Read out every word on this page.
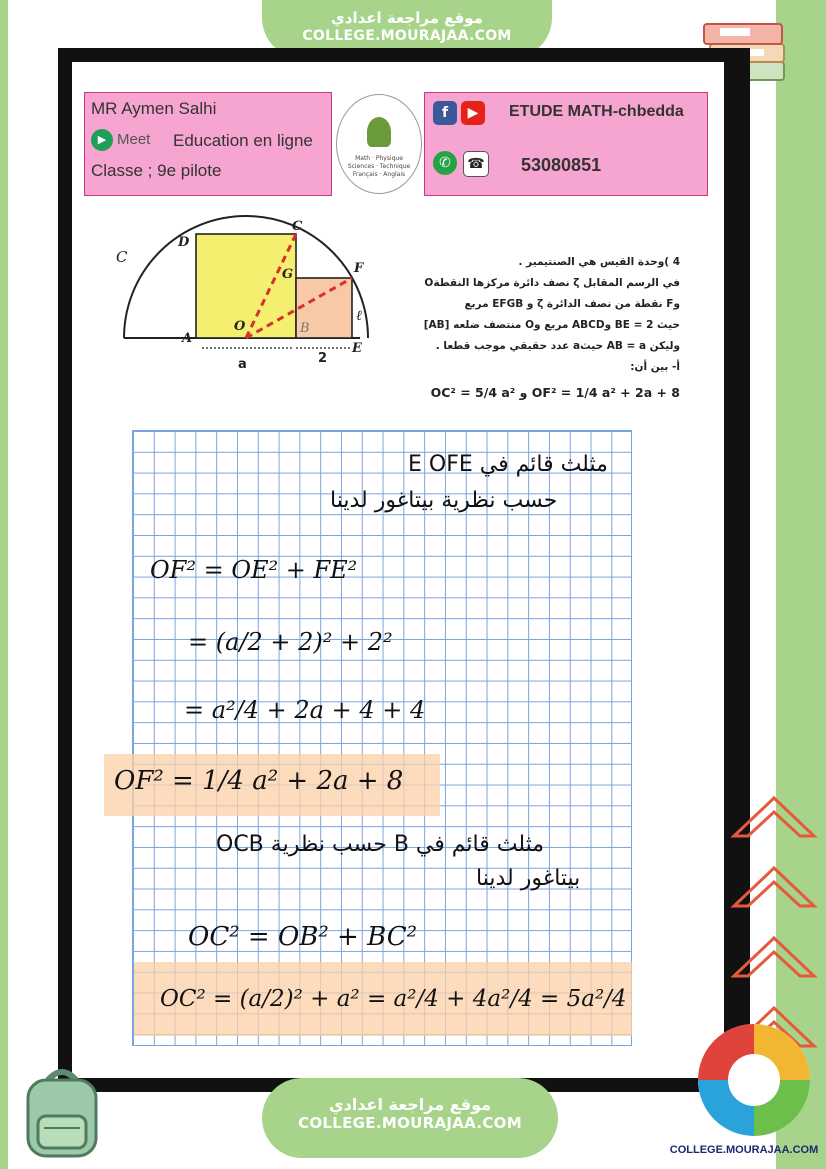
موقع مراجعة اعدادي
COLLEGE.MOURAJAA.COM
MR Aymen Salhi
▶ Meet Education en ligne
Classe ; 9e pilote
Math · Physique
Sciences · Technique
Français · Anglais
f	▶	ETUDE MATH-chbedda
✆	☎ 53080851
C
D
C
G	F
A
O	B
E
a	2
ℓ
4 )وحدة القيس هي الصنتيمير .
في الرسم المقابل ζ نصف دائرة مركزها النقطةO
وF نقطة من نصف الدائرة ζ و EFGB مربع
حيث BE = 2 وABCD مربع وO منتصف ضلعه [AB]
وليكن AB = a حيثa عدد حقيقي موجب قطعا .
أ- بين أن:
OC² = 5/4 a² و OF² = 1/4 a² + 2a + 8
مثلث قائم في E OFE
حسب نظرية بيتاغور لدينا
OF² = OE² + FE²
= (a/2 + 2)² + 2²
= a²/4 + 2a + 4 + 4
OF² = 1/4 a² + 2a + 8
مثلث قائم في B حسب نظرية OCB
بيتاغور لدينا
OC² = OB² + BC²
OC² = (a/2)² + a² = a²/4 + 4a²/4 = 5a²/4
موقع مراجعة اعدادي
COLLEGE.MOURAJAA.COM
COLLEGE.MOURAJAA.COM
